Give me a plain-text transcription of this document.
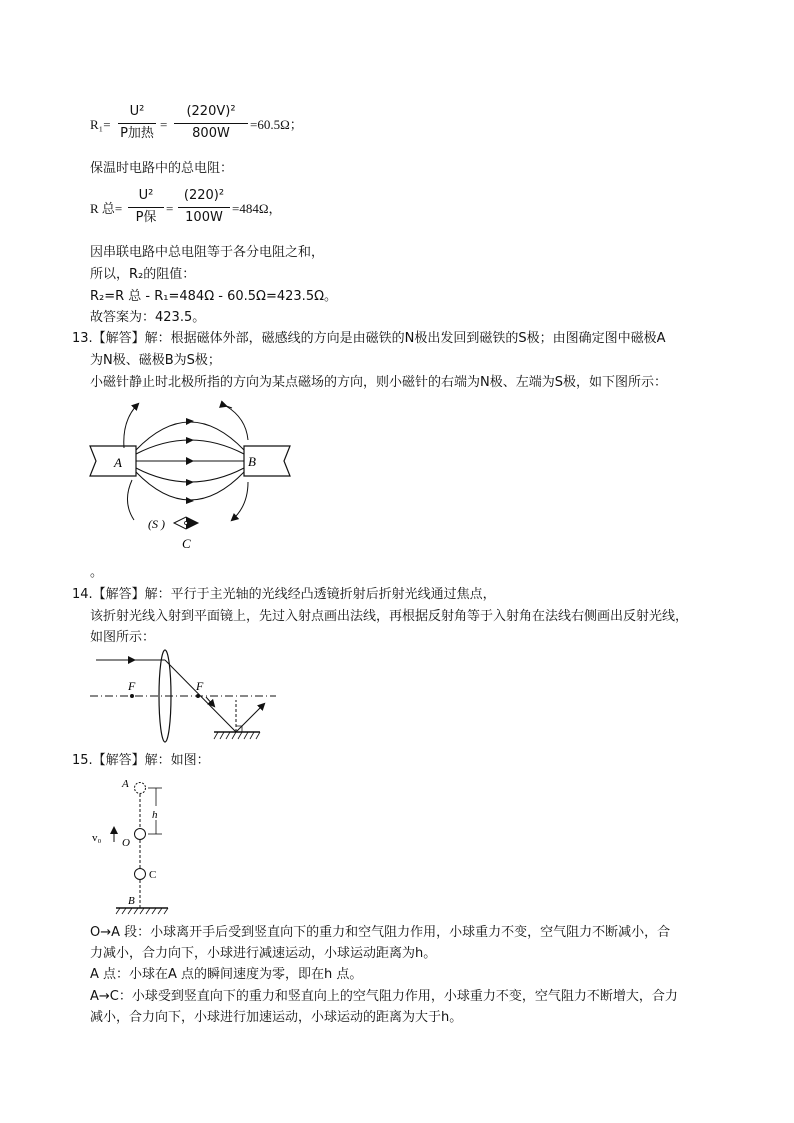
R₁=
U²
P加热
=
(220V)²
800W
=60.5Ω；
保温时电路中的总电阻：
R 总=
U²
P保
=
(220)²
100W
=484Ω，
因串联电路中总电阻等于各分电阻之和，
所以，R₂的阻值：
R₂=R 总 - R₁=484Ω - 60.5Ω=423.5Ω。
故答案为：423.5。
13.【解答】解：根据磁体外部，磁感线的方向是由磁铁的N极出发回到磁铁的S极；由图确定图中磁极A
为N极、磁极B为S极；
小磁针静止时北极所指的方向为某点磁场的方向，则小磁针的右端为N极、左端为S极，如下图所示：
A	B
(S )
C
。
14.【解答】解：平行于主光轴的光线经凸透镜折射后折射光线通过焦点，
该折射光线入射到平面镜上，先过入射点画出法线，再根据反射角等于入射角在法线右侧画出反射光线，
如图所示：
F	F
15.【解答】解：如图：
A
h
O
v₀
C
B
O→A 段：小球离开手后受到竖直向下的重力和空气阻力作用，小球重力不变，空气阻力不断减小，合
力减小，合力向下，小球进行减速运动，小球运动距离为h。
A 点：小球在A 点的瞬间速度为零，即在h 点。
A→C：小球受到竖直向下的重力和竖直向上的空气阻力作用，小球重力不变，空气阻力不断增大，合力
减小，合力向下，小球进行加速运动，小球运动的距离为大于h。
